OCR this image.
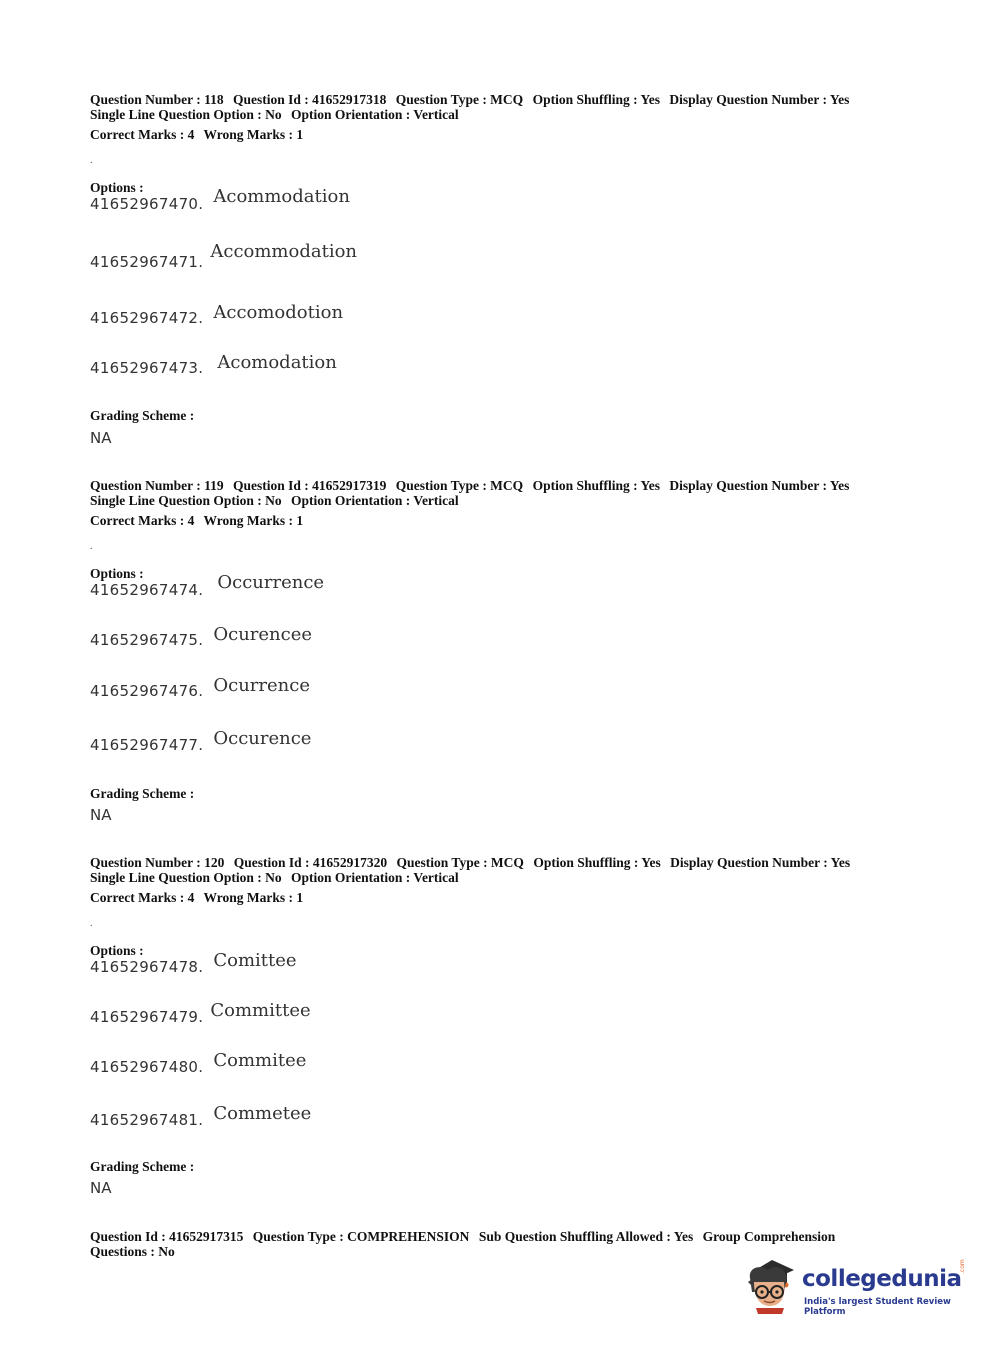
Question Number : 118 Question Id : 41652917318 Question Type : MCQ Option Shuffling : Yes Display Question Number : Yes
Single Line Question Option : No Option Orientation : Vertical
Correct Marks : 4 Wrong Marks : 1
.
Options :
41652967470. Acommodation
41652967471. Accommodation
41652967472. Accomodotion
41652967473. Acomodation
Grading Scheme :
NA
Question Number : 119 Question Id : 41652917319 Question Type : MCQ Option Shuffling : Yes Display Question Number : Yes
Single Line Question Option : No Option Orientation : Vertical
Correct Marks : 4 Wrong Marks : 1
.
Options :
41652967474. Occurrence
41652967475. Ocurencee
41652967476. Ocurrence
41652967477. Occurence
Grading Scheme :
NA
Question Number : 120 Question Id : 41652917320 Question Type : MCQ Option Shuffling : Yes Display Question Number : Yes
Single Line Question Option : No Option Orientation : Vertical
Correct Marks : 4 Wrong Marks : 1
.
Options :
41652967478. Comittee
41652967479. Committee
41652967480. Commitee
41652967481. Commetee
Grading Scheme :
NA
Question Id : 41652917315 Question Type : COMPREHENSION Sub Question Shuffling Allowed : Yes Group Comprehension
Questions : No
collegedunia
.com
India's largest Student Review Platform
